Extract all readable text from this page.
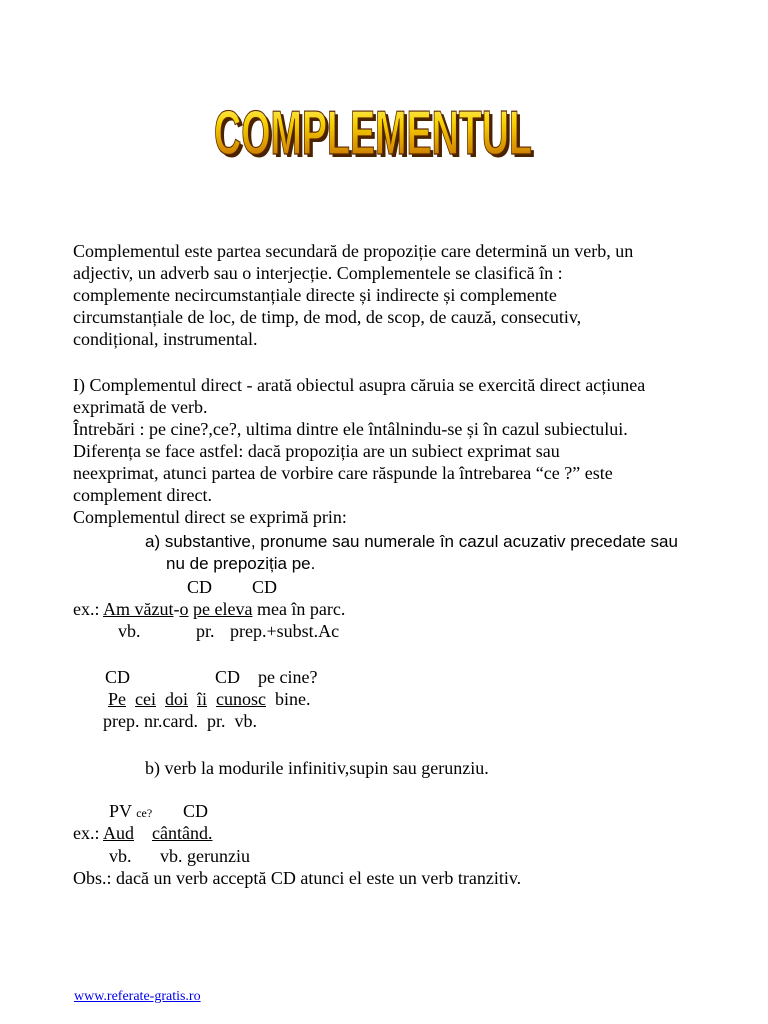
COMPLEMENTUL
COMPLEMENTUL
Complementul este partea secundară de propoziție care determină un verb, un
adjectiv, un adverb sau o interjecție. Complementele se clasifică în :
complemente necircumstanțiale directe și indirecte și complemente
circumstanțiale de loc, de timp, de mod, de scop, de cauză, consecutiv,
condițional, instrumental.
I) Complementul direct - arată obiectul asupra căruia se exercită direct acțiunea
exprimată de verb.
Întrebări : pe cine?,ce?, ultima dintre ele întâlnindu-se și în cazul subiectului.
Diferența se face astfel: dacă propoziția are un subiect exprimat sau
neexprimat, atunci partea de vorbire care răspunde la întrebarea “ce ?” este
complement direct.
Complementul direct se exprimă prin:
a) substantive, pronume sau numerale în cazul acuzativ precedate sau
nu de prepoziția pe.
CD CD
ex.: Am văzut-o pe eleva mea în parc.
vb.	pr. prep.+subst.Ac
CD	CD pe cine?
Pe cei doi îi cunosc bine.
prep. nr.card.  pr.  vb.
b) verb la modurile infinitiv,supin sau gerunziu.
PV ce? CD
ex.: Aud cântând.
vb. vb. gerunziu
Obs.: dacă un verb acceptă CD atunci el este un verb tranzitiv.
www.referate-gratis.ro
